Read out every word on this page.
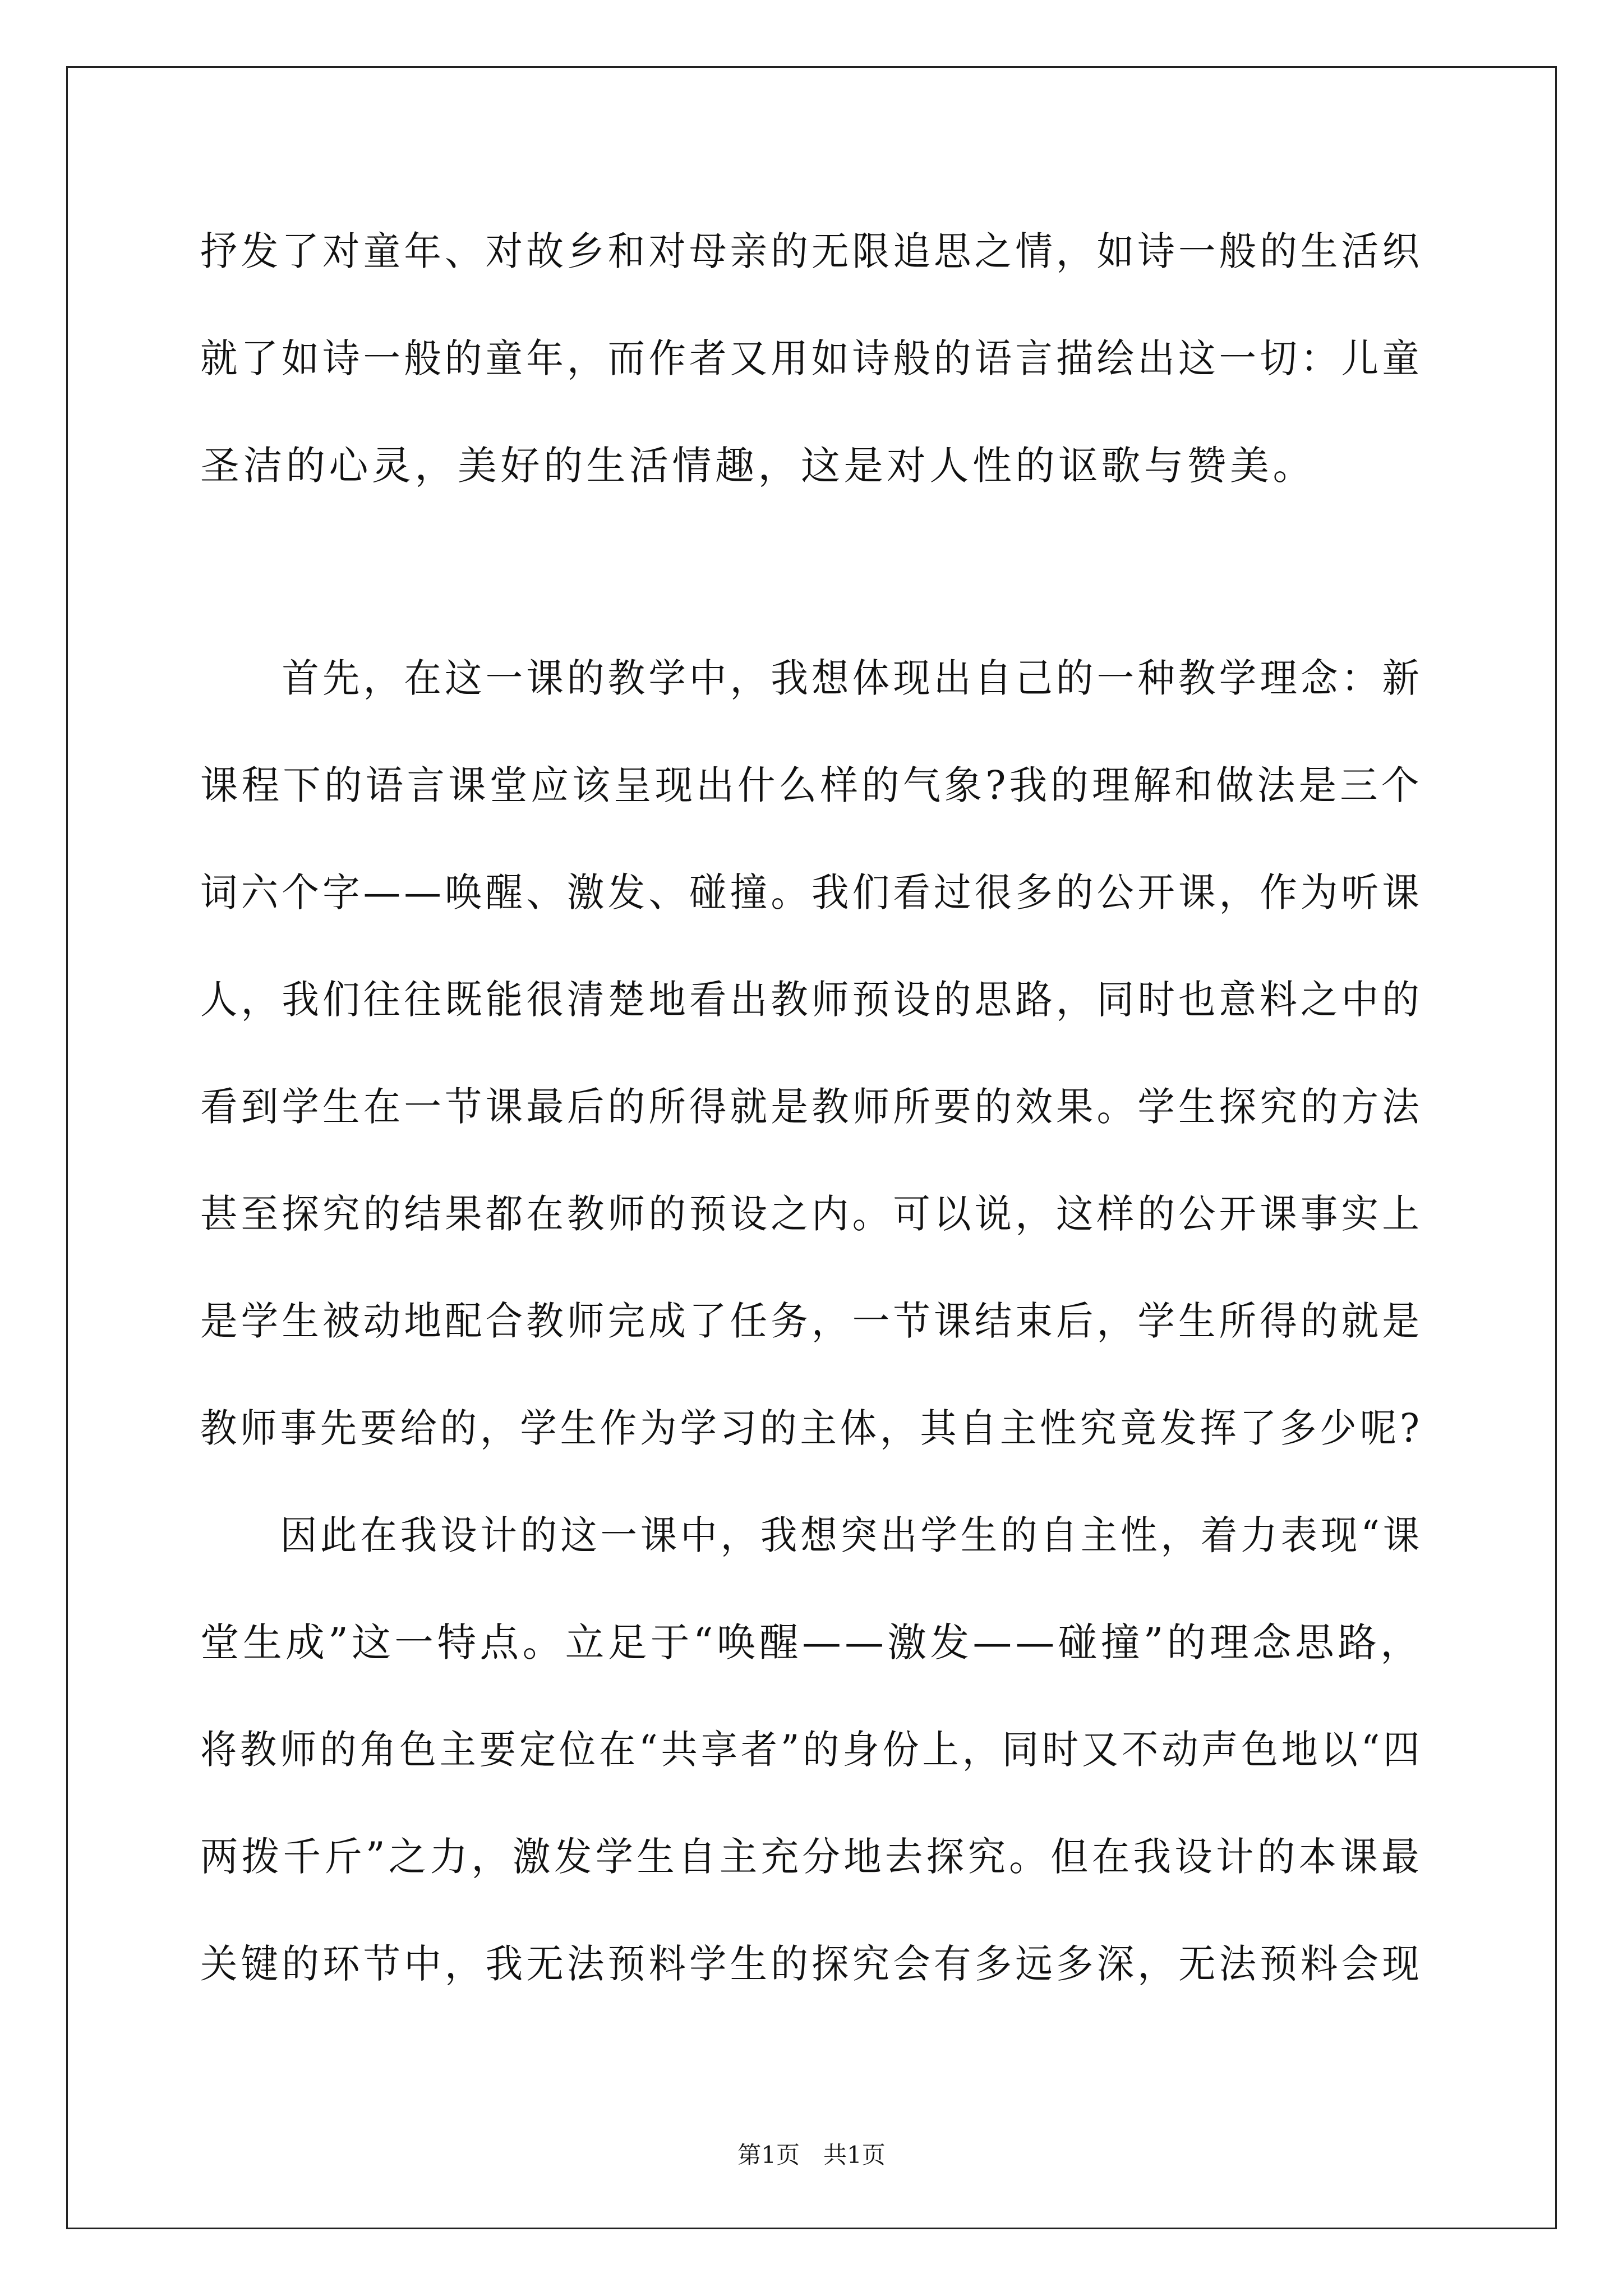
抒发了对童年、对故乡和对母亲的无限追思之情，如诗一般的生活织
就了如诗一般的童年，而作者又用如诗般的语言描绘出这一切：儿童
圣洁的心灵，美好的生活情趣，这是对人性的讴歌与赞美。
　　首先，在这一课的教学中，我想体现出自己的一种教学理念：新
课程下的语言课堂应该呈现出什么样的气象?我的理解和做法是三个
词六个字——唤醒、激发、碰撞。我们看过很多的公开课，作为听课
人，我们往往既能很清楚地看出教师预设的思路，同时也意料之中的
看到学生在一节课最后的所得就是教师所要的效果。学生探究的方法
甚至探究的结果都在教师的预设之内。可以说，这样的公开课事实上
是学生被动地配合教师完成了任务，一节课结束后，学生所得的就是
教师事先要给的，学生作为学习的主体，其自主性究竟发挥了多少呢?
　　因此在我设计的这一课中，我想突出学生的自主性，着力表现“课
堂生成”这一特点。立足于“唤醒——激发——碰撞”的理念思路，
将教师的角色主要定位在“共享者”的身份上，同时又不动声色地以“四
两拨千斤”之力，激发学生自主充分地去探究。但在我设计的本课最
关键的环节中，我无法预料学生的探究会有多远多深，无法预料会现
第1页　共1页
